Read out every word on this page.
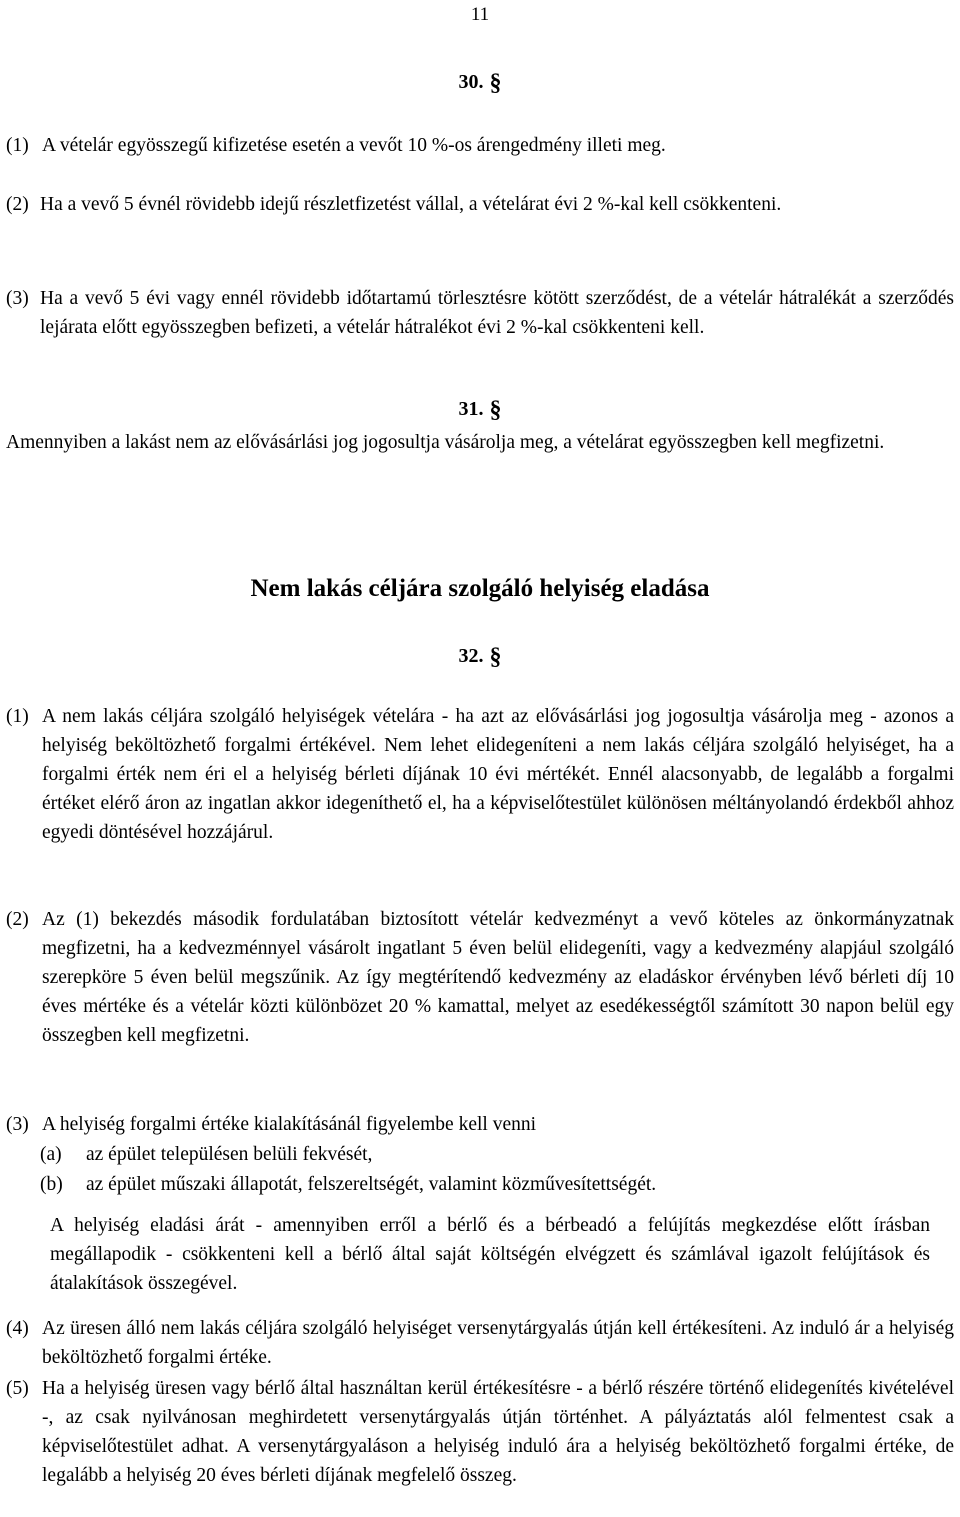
11
30. §
(1) A vételár egyösszegű kifizetése esetén a vevőt 10 %-os árengedmény illeti meg.
(2) Ha a vevő 5 évnél rövidebb idejű részletfizetést vállal, a vételárat évi 2 %-kal kell csökkenteni.
(3) Ha a vevő 5 évi vagy ennél rövidebb időtartamú törlesztésre kötött szerződést, de a vételár hátralékát a szerződés lejárata előtt egyösszegben befizeti, a vételár hátralékot évi 2 %-kal csökkenteni kell.
31. §
Amennyiben a lakást nem az elővásárlási jog jogosultja vásárolja meg, a vételárat egyösszegben kell megfizetni.
Nem lakás céljára szolgáló helyiség eladása
32. §
(1) A nem lakás céljára szolgáló helyiségek vételára - ha azt az elővásárlási jog jogosultja vásárolja meg - azonos a helyiség beköltözhető forgalmi értékével. Nem lehet elidegeníteni a nem lakás céljára szolgáló helyiséget, ha a forgalmi érték nem éri el a helyiség bérleti díjának 10 évi mértékét. Ennél alacsonyabb, de legalább a forgalmi értéket elérő áron az ingatlan akkor idegeníthető el, ha a képviselőtestület különösen méltányolandó érdekből ahhoz egyedi döntésével hozzájárul.
(2) Az (1) bekezdés második fordulatában biztosított vételár kedvezményt a vevő köteles az önkormányzatnak megfizetni, ha a kedvezménnyel vásárolt ingatlant 5 éven belül elidegeníti, vagy a kedvezmény alapjául szolgáló szerepköre 5 éven belül megszűnik. Az így megtérítendő kedvezmény az eladáskor érvényben lévő bérleti díj 10 éves mértéke és a vételár közti különbözet 20 % kamattal, melyet az esedékességtől számított 30 napon belül egy összegben kell megfizetni.
(3) A helyiség forgalmi értéke kialakításánál figyelembe kell venni
(a) az épület településen belüli fekvését,
(b) az épület műszaki állapotát, felszereltségét, valamint közművesítettségét.
A helyiség eladási árát - amennyiben erről a bérlő és a bérbeadó a felújítás megkezdése előtt írásban megállapodik - csökkenteni kell a bérlő által saját költségén elvégzett és számlával igazolt felújítások és átalakítások összegével.
(4) Az üresen álló nem lakás céljára szolgáló helyiséget versenytárgyalás útján kell értékesíteni. Az induló ár a helyiség beköltözhető forgalmi értéke.
(5) Ha a helyiség üresen vagy bérlő által használtan kerül értékesítésre - a bérlő részére történő elidegenítés kivételével -, az csak nyilvánosan meghirdetett versenytárgyalás útján történhet. A pályáztatás alól felmentest csak a képviselőtestület adhat. A versenytárgyaláson a helyiség induló ára a helyiség beköltözhető forgalmi értéke, de legalább a helyiség 20 éves bérleti díjának megfelelő összeg.
